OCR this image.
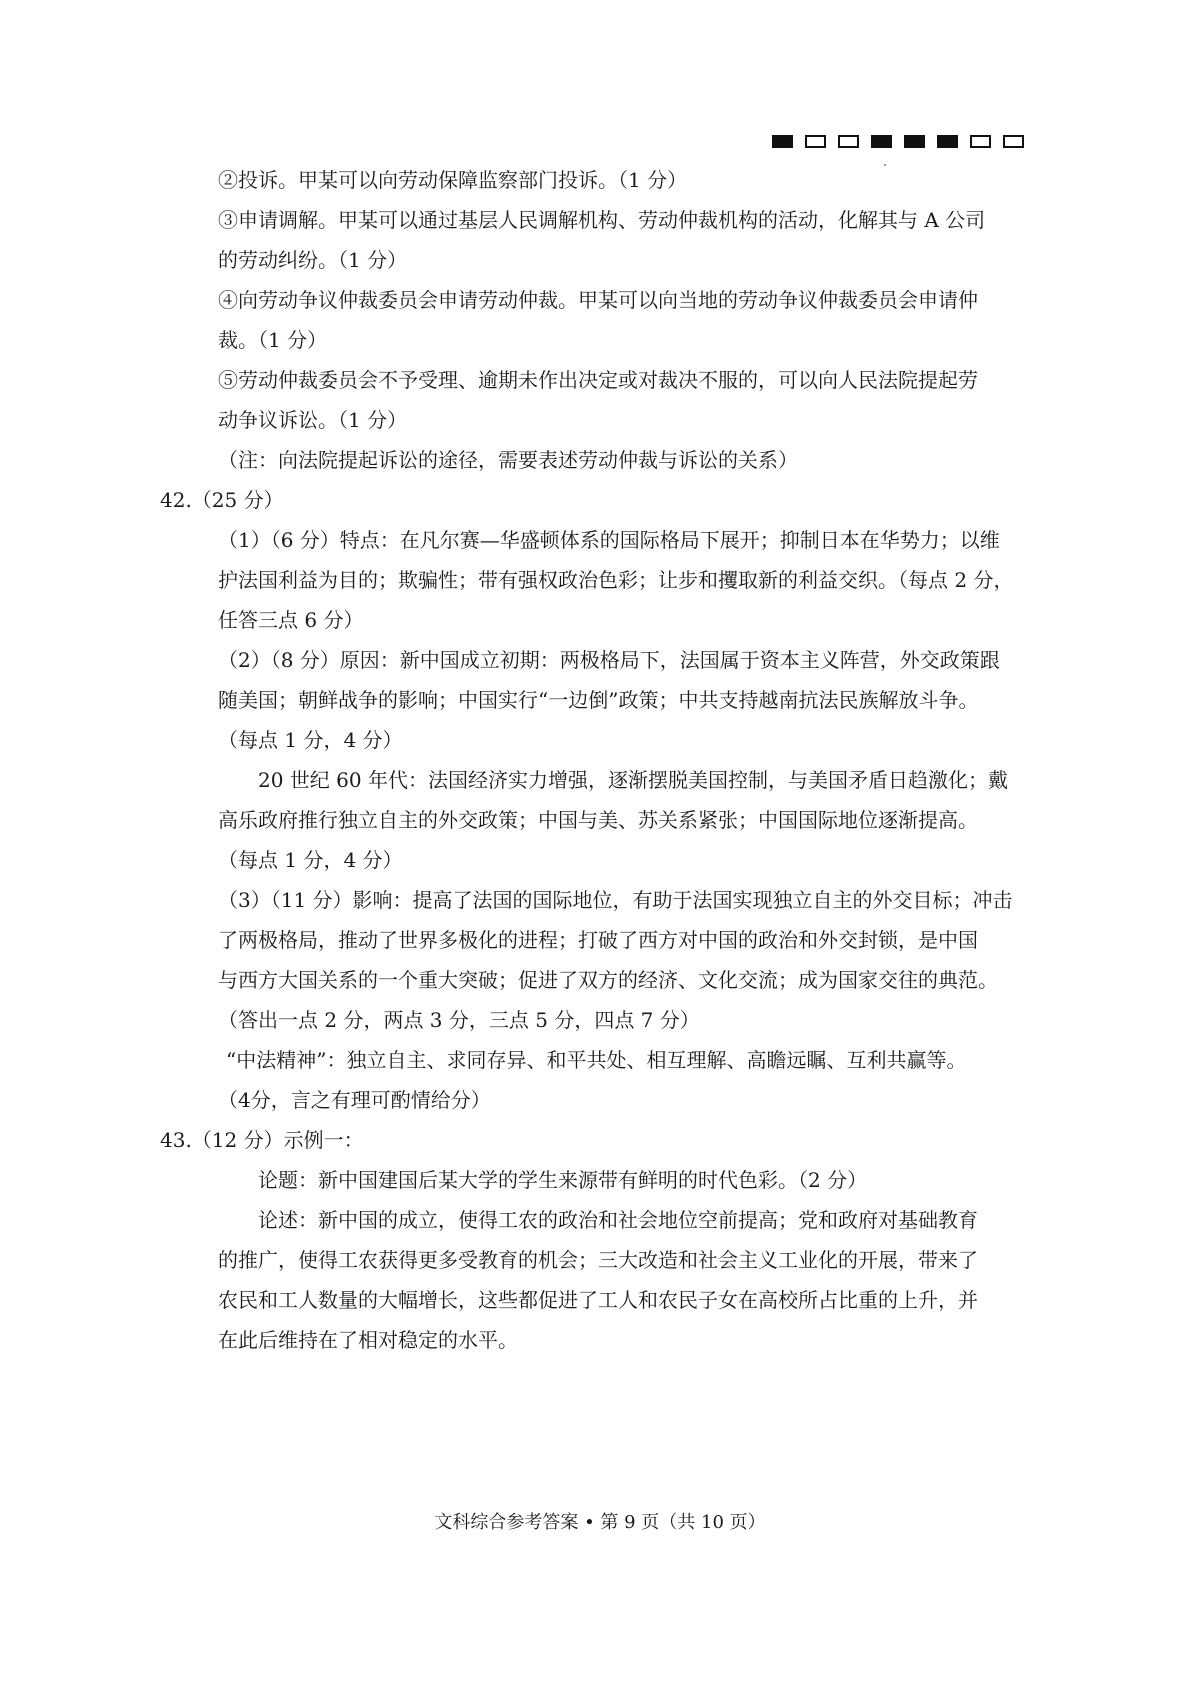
②投诉。甲某可以向劳动保障监察部门投诉。（1 分）
③申请调解。甲某可以通过基层人民调解机构、劳动仲裁机构的活动，化解其与 A 公司
的劳动纠纷。（1 分）
④向劳动争议仲裁委员会申请劳动仲裁。甲某可以向当地的劳动争议仲裁委员会申请仲
裁。（1 分）
⑤劳动仲裁委员会不予受理、逾期未作出决定或对裁决不服的，可以向人民法院提起劳
动争议诉讼。（1 分）
（注：向法院提起诉讼的途径，需要表述劳动仲裁与诉讼的关系）
42.（25 分）
（1）（6 分）特点：在凡尔赛—华盛顿体系的国际格局下展开；抑制日本在华势力；以维
护法国利益为目的；欺骗性；带有强权政治色彩；让步和攫取新的利益交织。（每点 2 分，
任答三点 6 分）
（2）（8 分）原因：新中国成立初期：两极格局下，法国属于资本主义阵营，外交政策跟
随美国；朝鲜战争的影响；中国实行“一边倒”政策；中共支持越南抗法民族解放斗争。
（每点 1 分，4 分）
20 世纪 60 年代：法国经济实力增强，逐渐摆脱美国控制，与美国矛盾日趋激化；戴
高乐政府推行独立自主的外交政策；中国与美、苏关系紧张；中国国际地位逐渐提高。
（每点 1 分，4 分）
（3）（11 分）影响：提高了法国的国际地位，有助于法国实现独立自主的外交目标；冲击
了两极格局，推动了世界多极化的进程；打破了西方对中国的政治和外交封锁，是中国
与西方大国关系的一个重大突破；促进了双方的经济、文化交流；成为国家交往的典范。
（答出一点 2 分，两点 3 分，三点 5 分，四点 7 分）
“中法精神”：独立自主、求同存异、和平共处、相互理解、高瞻远瞩、互利共赢等。
（4分，言之有理可酌情给分）
43.（12 分）示例一：
论题：新中国建国后某大学的学生来源带有鲜明的时代色彩。（2 分）
论述：新中国的成立，使得工农的政治和社会地位空前提高；党和政府对基础教育
的推广，使得工农获得更多受教育的机会；三大改造和社会主义工业化的开展，带来了
农民和工人数量的大幅增长，这些都促进了工人和农民子女在高校所占比重的上升，并
在此后维持在了相对稳定的水平。
文科综合参考答案 • 第 9 页（共 10 页）
